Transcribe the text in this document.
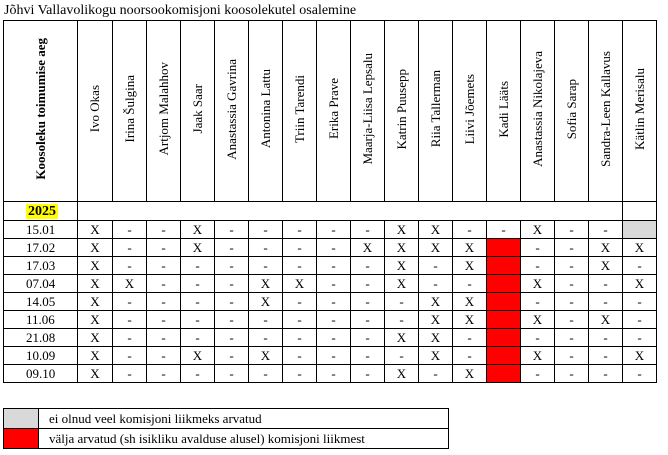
Jõhvi Vallavolikogu noorsookomisjoni koosolekutel osalemine
Koosoleku toimumise aeg	Ivo Okas	Irina Šulgina	Artjom Malahhov	Jaak Saar	Anastassia Gavrina	Antonina Lattu	Triin Tarendi	Erika Prave	Maarja-Liisa Lepsalu	Katrin Puusepp	Riia Tallerman	Liivi Jõemets	Kadi Lääts	Anastassia Nikolajeva	Sofia Sarap	Sandra-Leen Kallavus	Kätlin Merisalu
2025																	
15.01	X	-	-	X	-	-	-	-	-	X	X	-	-	X	-	-	
17.02	X	-	-	X	-	-	-	-	X	X	X	X		-	-	X	X
17.03	X	-	-	-	-	-	-	-	-	X	-	X		-	-	X	-
07.04	X	X	-	-	-	X	X	-	-	X	-	-		X	-	-	X
14.05	X	-	-	-	-	X	-	-	-	-	X	X		-	-	-	-
11.06	X	-	-	-	-	-	-	-	-	-	X	X		X	-	X	-
21.08	X	-	-	-	-	-	-	-	-	X	X	-		-	-	-	-
10.09	X	-	-	X	-	X	-	-	-	-	X	-		X	-	-	X
09.10	X	-	-	-	-	-	-	-	-	X	-	X		-	-	-	-
	ei olnud veel komisjoni liikmeks arvatud
	välja arvatud (sh isikliku avalduse alusel) komisjoni liikmest
